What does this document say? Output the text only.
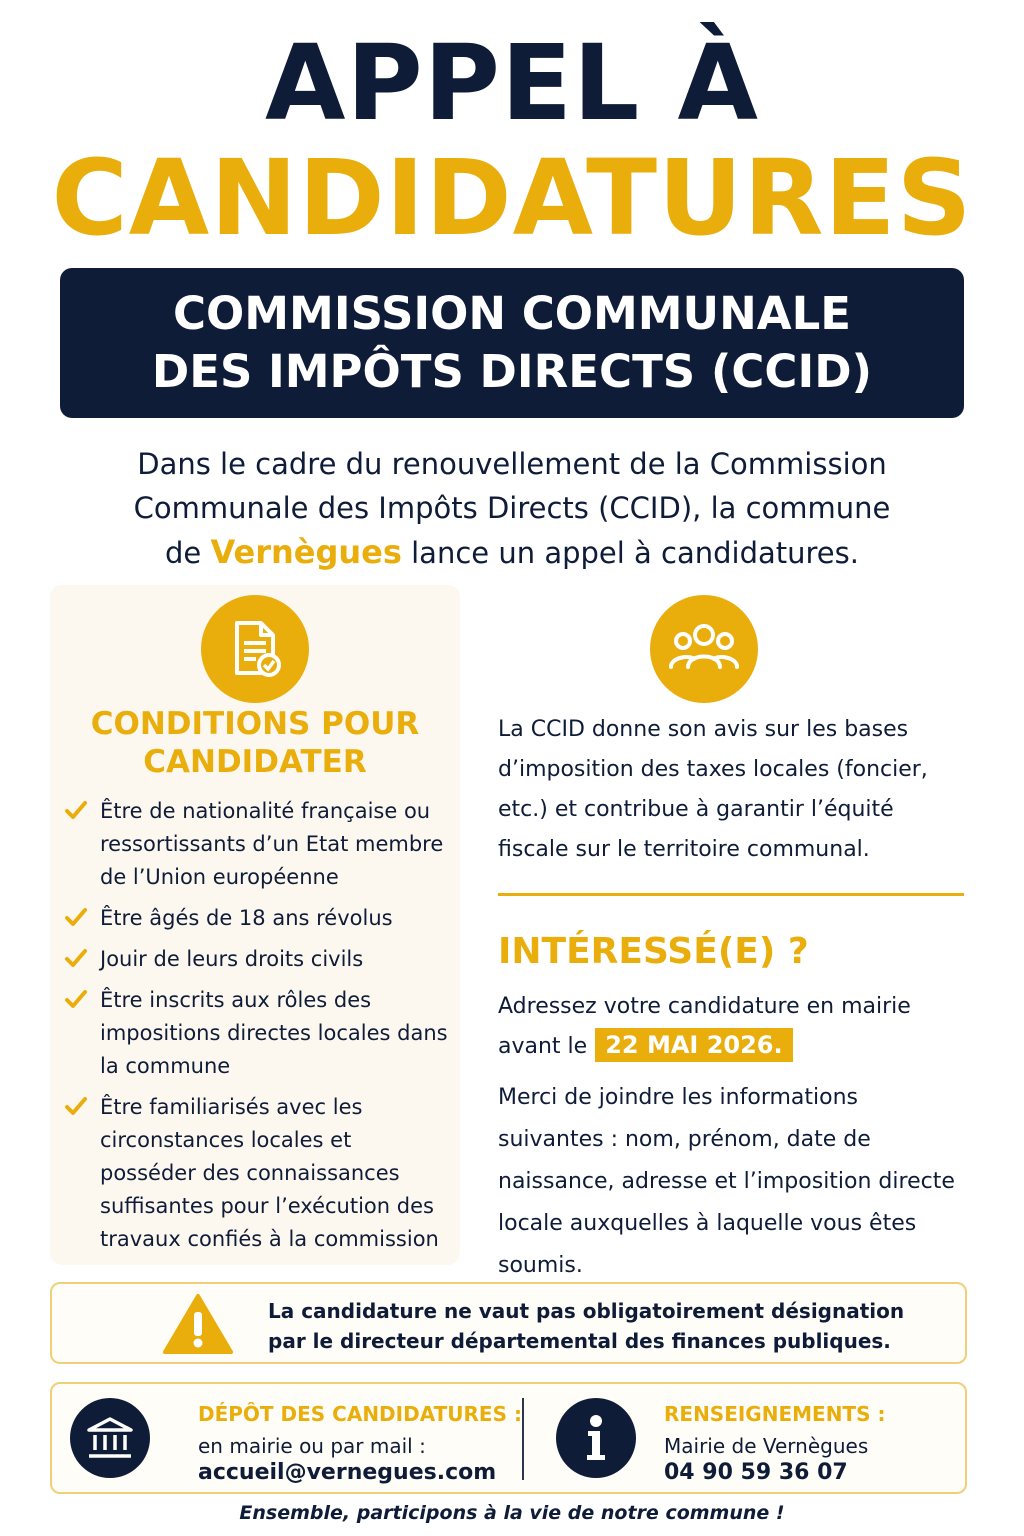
APPEL À
CANDIDATURES
COMMISSION COMMUNALE
DES IMPÔTS DIRECTS (CCID)
Dans le cadre du renouvellement de la Commission
Communale des Impôts Directs (CCID), la commune
de Vernègues lance un appel à candidatures.
CONDITIONS POUR
CANDIDATER
Être de nationalité française ou ressortissants d’un Etat membre de l’Union européenne
Être âgés de 18 ans révolus
Jouir de leurs droits civils
Être inscrits aux rôles des impositions directes locales dans la commune
Être familiarisés avec les circonstances locales et posséder des connaissances suffisantes pour l’exécution des travaux confiés à la commission
La CCID donne son avis sur les bases d’imposition des taxes locales (foncier, etc.) et contribue à garantir l’équité fiscale sur le territoire communal.
INTÉRESSÉ(E) ?
Adressez votre candidature en mairie avant le 22 MAI 2026.
Merci de joindre les informations suivantes : nom, prénom, date de naissance, adresse et l’imposition directe locale auxquelles à laquelle vous êtes soumis.
La candidature ne vaut pas obligatoirement désignation
par le directeur départemental des finances publiques.
DÉPÔT DES CANDIDATURES :
en mairie ou par mail :
accueil@vernegues.com
RENSEIGNEMENTS :
Mairie de Vernègues
04 90 59 36 07
Ensemble, participons à la vie de notre commune !
